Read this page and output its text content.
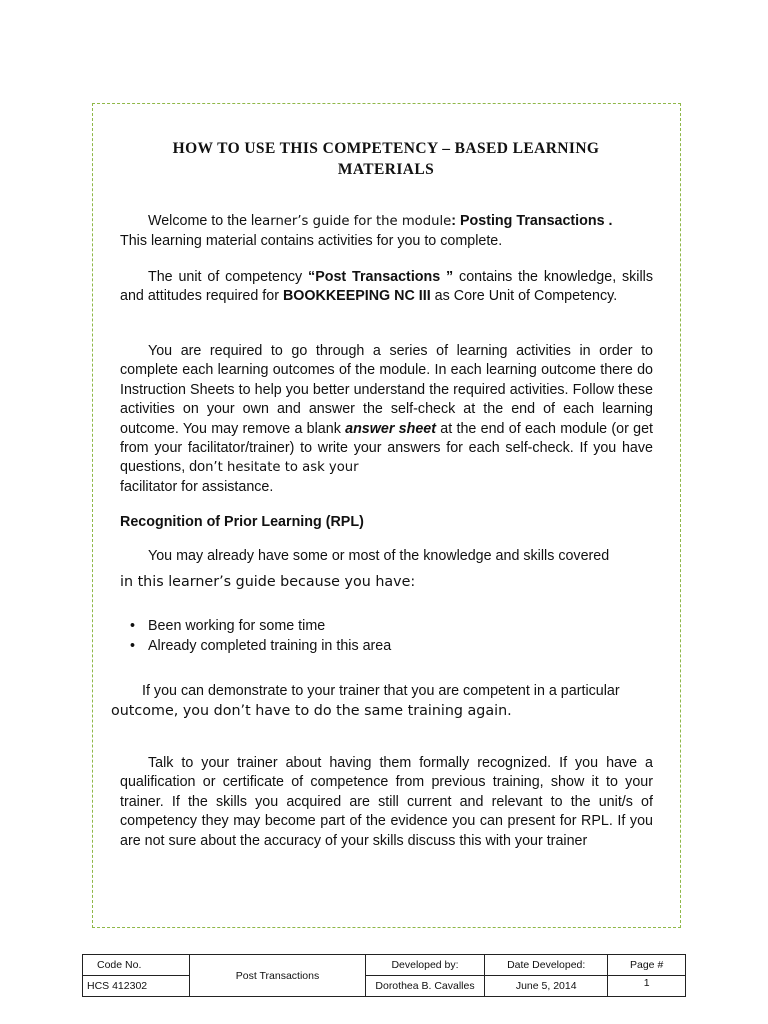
HOW TO USE THIS COMPETENCY – BASED LEARNING
MATERIALS
Welcome to the learner’s guide for the module: Posting Transactions .
This learning material contains activities for you to complete.
The unit of competency “Post Transactions ” contains the knowledge, skills and attitudes required for BOOKKEEPING NC III as Core Unit of Competency.
You are required to go through a series of learning activities in order to complete each learning outcomes of the module. In each learning outcome there do Instruction Sheets to help you better understand the required activities. Follow these activities on your own and answer the self-check at the end of each learning outcome. You may remove a blank answer sheet at the end of each module (or get from your facilitator/trainer) to write your answers for each self-check. If you have questions, don’t hesitate to ask your
facilitator for assistance.
Recognition of Prior Learning (RPL)
You may already have some or most of the knowledge and skills covered
in this learner’s guide because you have:
• Been working for some time
• Already completed training in this area
If you can demonstrate to your trainer that you are competent in a particular
outcome, you don’t have to do the same training again.
Talk to your trainer about having them formally recognized. If you have a qualification or certificate of competence from previous training, show it to your trainer. If the skills you acquired are still current and relevant to the unit/s of competency they may become part of the evidence you can present for RPL. If you are not sure about the accuracy of your skills discuss this with your trainer
Code No.	Post Transactions	Developed by:	Date Developed:	Page #
HCS 412302		Dorothea B. Cavalles	June 5, 2014	1
